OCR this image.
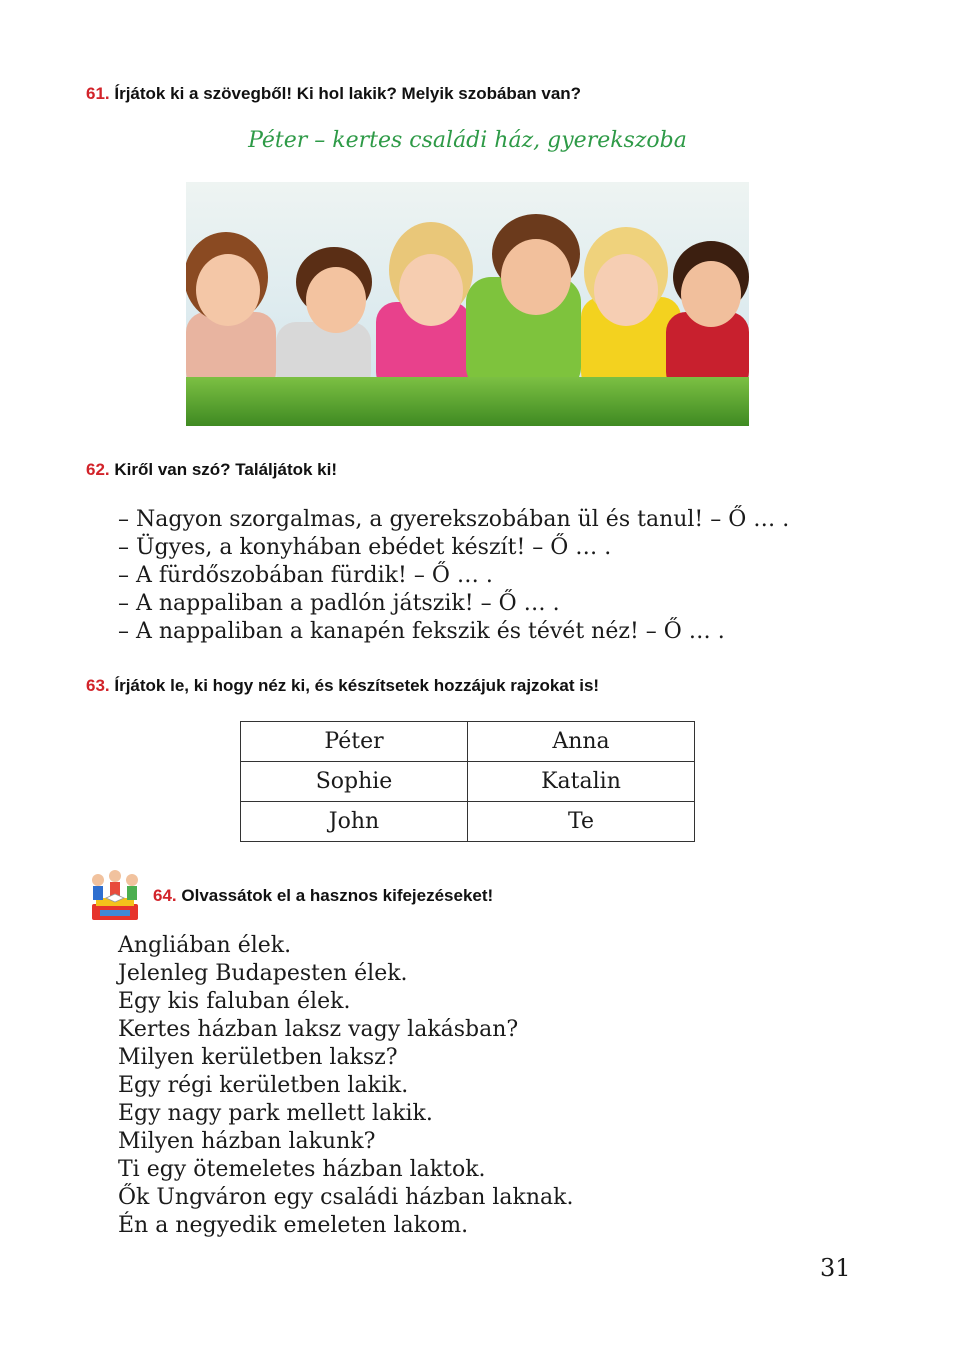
61. Írjátok ki a szövegből! Ki hol lakik? Melyik szobában van?
Péter – kertes családi ház, gyerekszoba
62. Kiről van szó? Találjátok ki!
– Nagyon szorgalmas, a gyerekszobában ül és tanul! – Ő … .
– Ügyes, a konyhában ebédet készít! – Ő … .
– A fürdőszobában fürdik! – Ő … .
– A nappaliban a padlón játszik! – Ő … .
– A nappaliban a kanapén fekszik és tévét néz! – Ő … .
63. Írjátok le, ki hogy néz ki, és készítsetek hozzájuk rajzokat is!
Péter	Anna
Sophie	Katalin
John	Te
64. Olvassátok el a hasznos kifejezéseket!
Angliában élek.
Jelenleg Budapesten élek.
Egy kis faluban élek.
Kertes házban laksz vagy lakásban?
Milyen kerületben laksz?
Egy régi kerületben lakik.
Egy nagy park mellett lakik.
Milyen házban lakunk?
Ti egy ötemeletes házban laktok.
Ők Ungváron egy családi házban laknak.
Én a negyedik emeleten lakom.
31
